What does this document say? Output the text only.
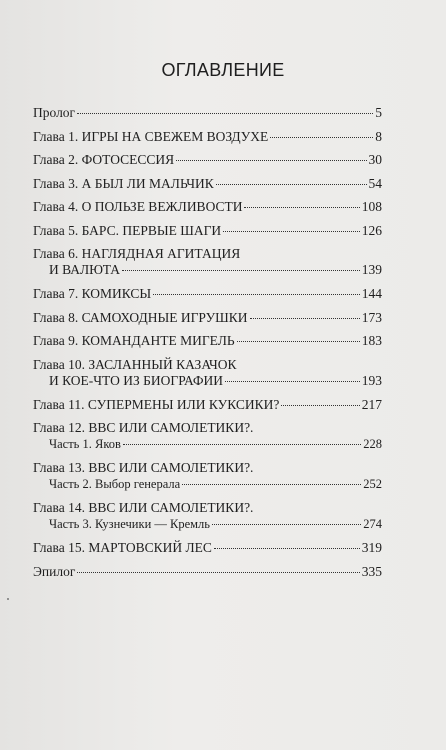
ОГЛАВЛЕНИЕ
Пролог	5
Глава 1. ИГРЫ НА СВЕЖЕМ ВОЗДУХЕ	8
Глава 2. ФОТОСЕССИЯ	30
Глава 3. А БЫЛ ЛИ МАЛЬЧИК	54
Глава 4. О ПОЛЬЗЕ ВЕЖЛИВОСТИ	108
Глава 5. БАРС. ПЕРВЫЕ ШАГИ	126
Глава 6. НАГЛЯДНАЯ АГИТАЦИЯ
И ВАЛЮТА	139
Глава 7. КОМИКСЫ	144
Глава 8. САМОХОДНЫЕ ИГРУШКИ	173
Глава 9. КОМАНДАНТЕ МИГЕЛЬ	183
Глава 10. ЗАСЛАННЫЙ КАЗАЧОК
И КОЕ-ЧТО ИЗ БИОГРАФИИ	193
Глава 11. СУПЕРМЕНЫ ИЛИ КУКСИКИ?	217
Глава 12. ВВС ИЛИ САМОЛЕТИКИ?.
Часть 1. Яков	228
Глава 13. ВВС ИЛИ САМОЛЕТИКИ?.
Часть 2. Выбор генерала	252
Глава 14. ВВС ИЛИ САМОЛЕТИКИ?.
Часть 3. Кузнечики — Кремль	274
Глава 15. МАРТОВСКИЙ ЛЕС	319
Эпилог	335
